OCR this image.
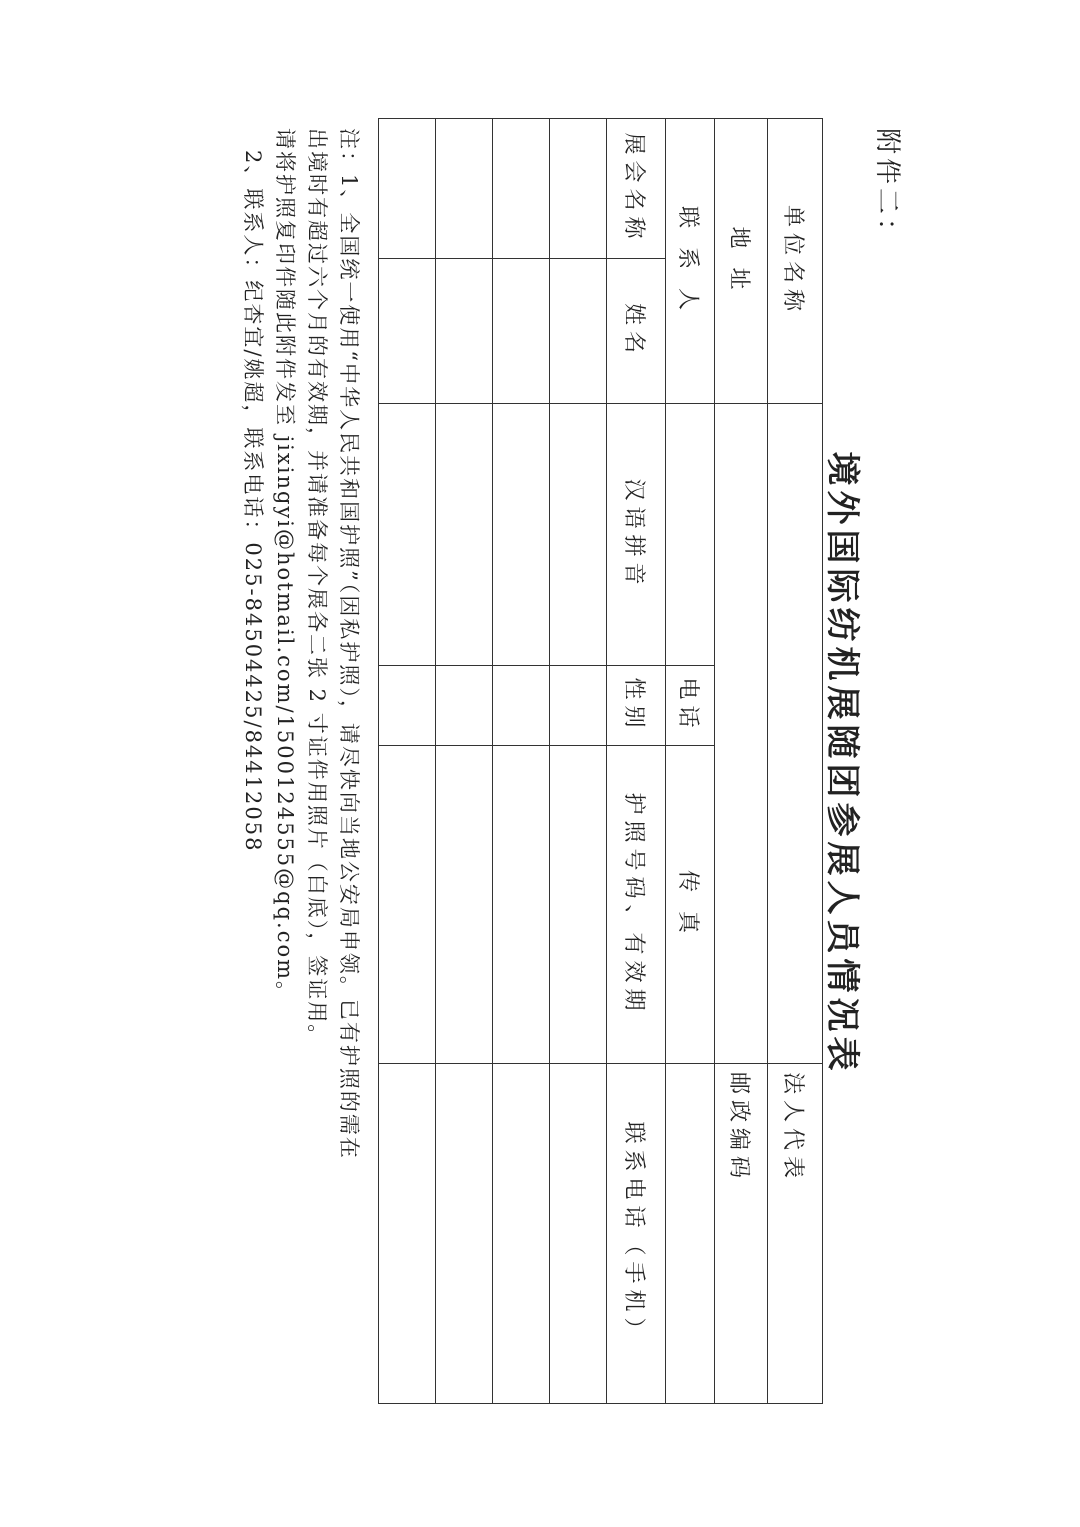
附件二：
境外国际纺机展随团参展人员情况表
单位名称					法人代表
地 址					邮政编码
联 系 人			电话	传 真	
展会名称	姓名	汉语拼音	性别	护照号码、有效期	联系电话（手机）

注：1、全国统一使用“中华人民共和国护照”（因私护照），请尽快向当地公安局申领。已有护照的需在
出境时有超过六个月的有效期，并请准备每个展各二张 2 寸证件用照片（白底），签证用。
请将护照复印件随此附件发至 jixingyi@hotmail.com/1500124555@qq.com。
2、联系人：纪杏宜/姚超，联系电话：025-84504425/84412058
